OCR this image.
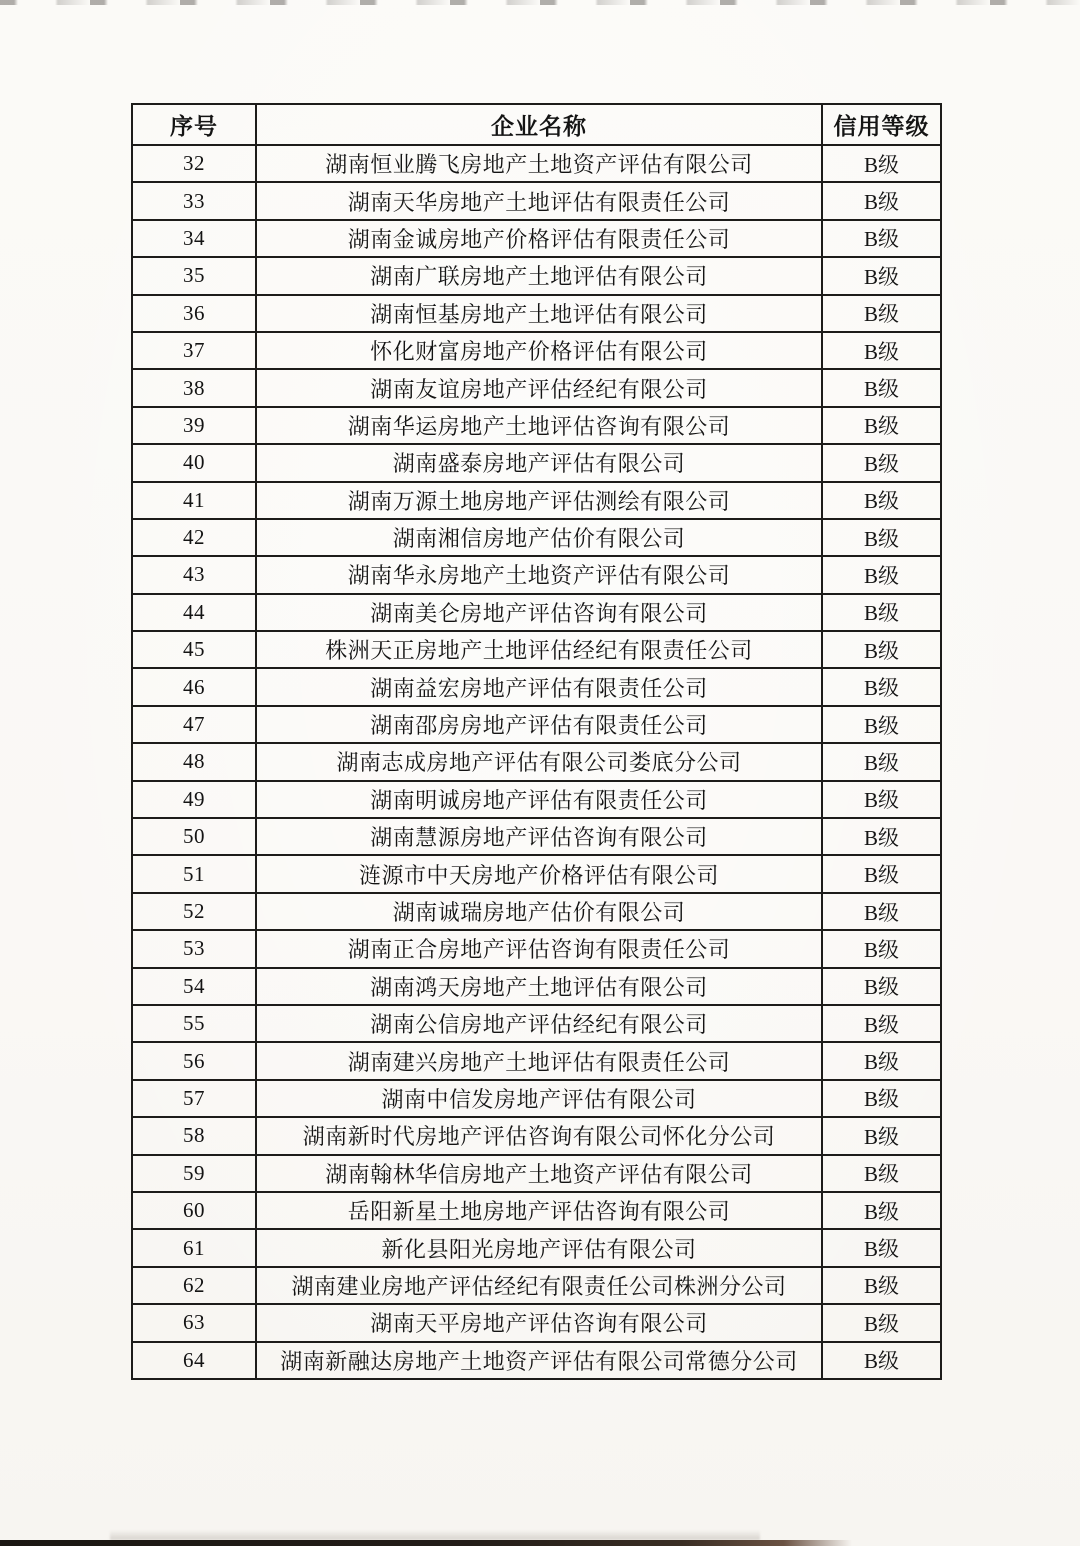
序号	企业名称	信用等级
32	湖南恒业腾飞房地产土地资产评估有限公司	B级
33	湖南天华房地产土地评估有限责任公司	B级
34	湖南金诚房地产价格评估有限责任公司	B级
35	湖南广联房地产土地评估有限公司	B级
36	湖南恒基房地产土地评估有限公司	B级
37	怀化财富房地产价格评估有限公司	B级
38	湖南友谊房地产评估经纪有限公司	B级
39	湖南华运房地产土地评估咨询有限公司	B级
40	湖南盛泰房地产评估有限公司	B级
41	湖南万源土地房地产评估测绘有限公司	B级
42	湖南湘信房地产估价有限公司	B级
43	湖南华永房地产土地资产评估有限公司	B级
44	湖南美仑房地产评估咨询有限公司	B级
45	株洲天正房地产土地评估经纪有限责任公司	B级
46	湖南益宏房地产评估有限责任公司	B级
47	湖南邵房房地产评估有限责任公司	B级
48	湖南志成房地产评估有限公司娄底分公司	B级
49	湖南明诚房地产评估有限责任公司	B级
50	湖南慧源房地产评估咨询有限公司	B级
51	涟源市中天房地产价格评估有限公司	B级
52	湖南诚瑞房地产估价有限公司	B级
53	湖南正合房地产评估咨询有限责任公司	B级
54	湖南鸿天房地产土地评估有限公司	B级
55	湖南公信房地产评估经纪有限公司	B级
56	湖南建兴房地产土地评估有限责任公司	B级
57	湖南中信发房地产评估有限公司	B级
58	湖南新时代房地产评估咨询有限公司怀化分公司	B级
59	湖南翰林华信房地产土地资产评估有限公司	B级
60	岳阳新星土地房地产评估咨询有限公司	B级
61	新化县阳光房地产评估有限公司	B级
62	湖南建业房地产评估经纪有限责任公司株洲分公司	B级
63	湖南天平房地产评估咨询有限公司	B级
64	湖南新融达房地产土地资产评估有限公司常德分公司	B级
